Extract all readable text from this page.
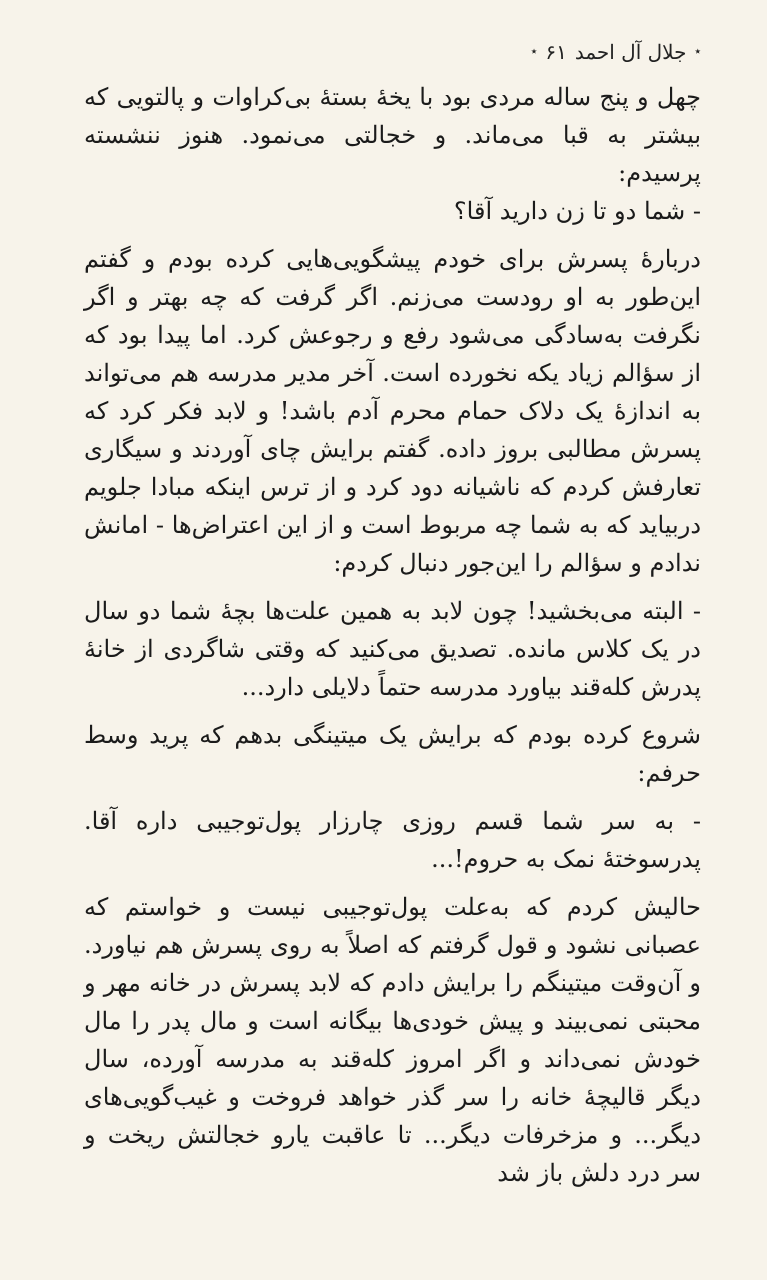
٭
جلال آل احمد
۶۱
٭

چهل و پنج ساله مردی بود با یخهٔ بستهٔ بی‌کراوات و پالتویی که بیشتر به قبا می‌ماند. و خجالتی می‌نمود. هنوز ننشسته پرسیدم:

- شما دو تا زن دارید آقا؟

دربارهٔ پسرش برای خودم پیشگویی‌هایی کرده بودم و گفتم این‌طور به او رودست می‌زنم. اگر گرفت که چه بهتر و اگر نگرفت به‌سادگی می‌شود رفع و رجوعش کرد. اما پیدا بود که از سؤالم زیاد یکه نخورده است. آخر مدیر مدرسه هم می‌تواند به اندازهٔ یک دلاک حمام محرم آدم باشد! و لابد فکر کرد که پسرش مطالبی بروز داده. گفتم برایش چای آوردند و سیگاری تعارفش کردم که ناشیانه دود کرد و از ترس اینکه مبادا جلویم دربیاید که به شما چه مربوط است و از این اعتراض‌ها - امانش ندادم و سؤالم را این‌جور دنبال کردم:

- البته می‌بخشید! چون لابد به همین علت‌ها بچهٔ شما دو سال در یک کلاس مانده. تصدیق می‌کنید که وقتی شاگردی از خانهٔ پدرش کله‌قند بیاورد مدرسه حتماً دلایلی دارد...

شروع کرده بودم که برایش یک میتینگی بدهم که پرید وسط حرفم:

- به سر شما قسم روزی چارزار پول‌توجیبی داره آقا. پدرسوختهٔ نمک به حروم!...

حالیش کردم که به‌علت پول‌توجیبی نیست و خواستم که عصبانی نشود و قول گرفتم که اصلاً به روی پسرش هم نیاورد. و آن‌وقت میتینگم را برایش دادم که لابد پسرش در خانه مهر و محبتی نمی‌بیند و پیش خودی‌ها بیگانه است و مال پدر را مال خودش نمی‌داند و اگر امروز کله‌قند به مدرسه آورده، سال دیگر قالیچهٔ خانه را سر گذر خواهد فروخت و غیب‌گویی‌های دیگر... و مزخرفات دیگر... تا عاقبت یارو خجالتش ریخت و سر درد دلش باز شد
